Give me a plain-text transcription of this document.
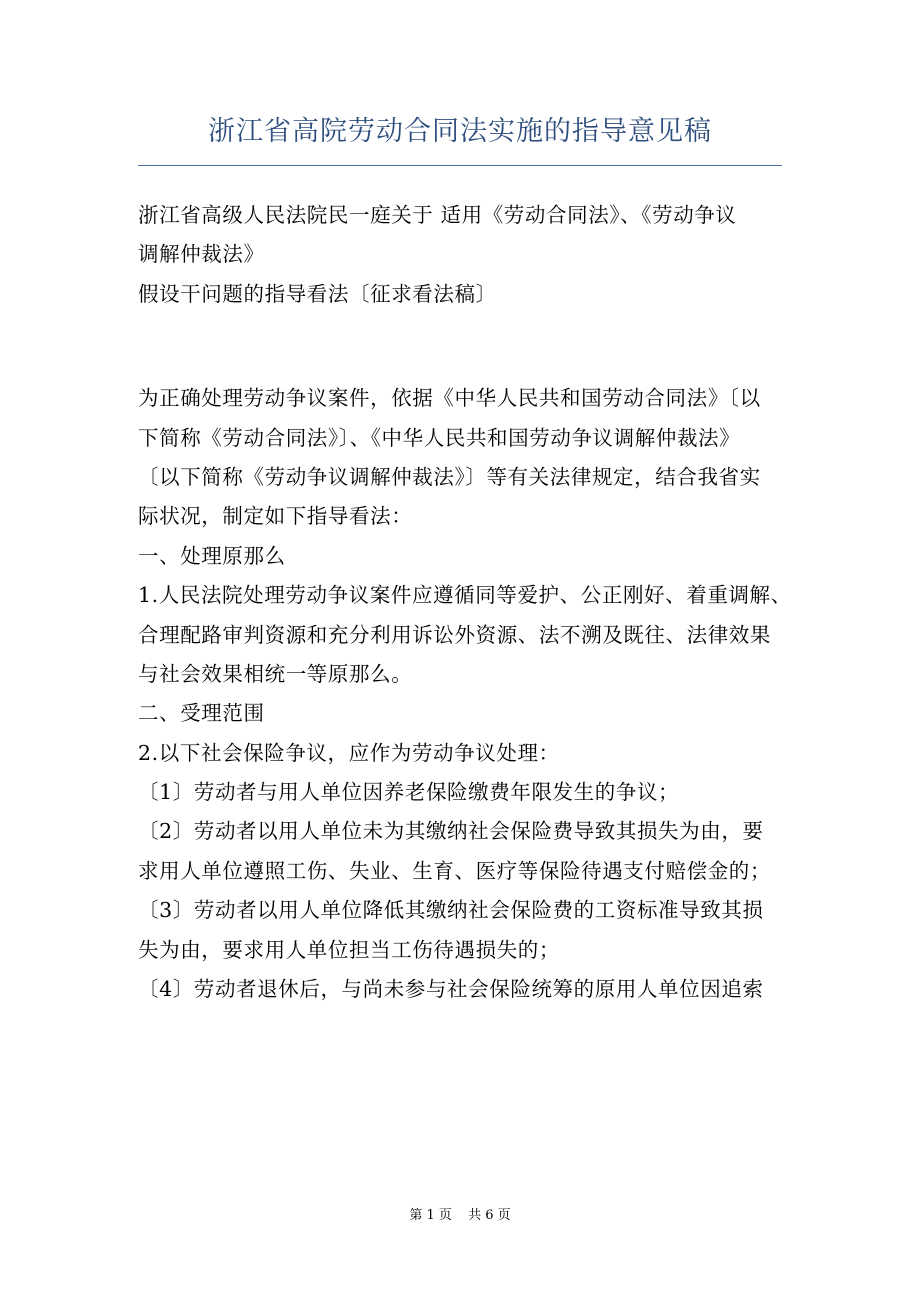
浙江省高院劳动合同法实施的指导意见稿
浙江省高级人民法院民一庭关于 适用《劳动合同法》、《劳动争议
调解仲裁法》
假设干问题的指导看法〔征求看法稿〕
为正确处理劳动争议案件，依据《中华人民共和国劳动合同法》〔以
下简称《劳动合同法》〕、《中华人民共和国劳动争议调解仲裁法》
〔以下简称《劳动争议调解仲裁法》〕等有关法律规定，结合我省实
际状况，制定如下指导看法：
一、处理原那么
1.人民法院处理劳动争议案件应遵循同等爱护、公正刚好、着重调解、
合理配路审判资源和充分利用诉讼外资源、法不溯及既往、法律效果
与社会效果相统一等原那么。
二、受理范围
2.以下社会保险争议，应作为劳动争议处理：
〔1〕劳动者与用人单位因养老保险缴费年限发生的争议；
〔2〕劳动者以用人单位未为其缴纳社会保险费导致其损失为由，要
求用人单位遵照工伤、失业、生育、医疗等保险待遇支付赔偿金的；
〔3〕劳动者以用人单位降低其缴纳社会保险费的工资标准导致其损
失为由，要求用人单位担当工伤待遇损失的；
〔4〕劳动者退休后，与尚未参与社会保险统筹的原用人单位因追索
第 1 页 共 6 页
